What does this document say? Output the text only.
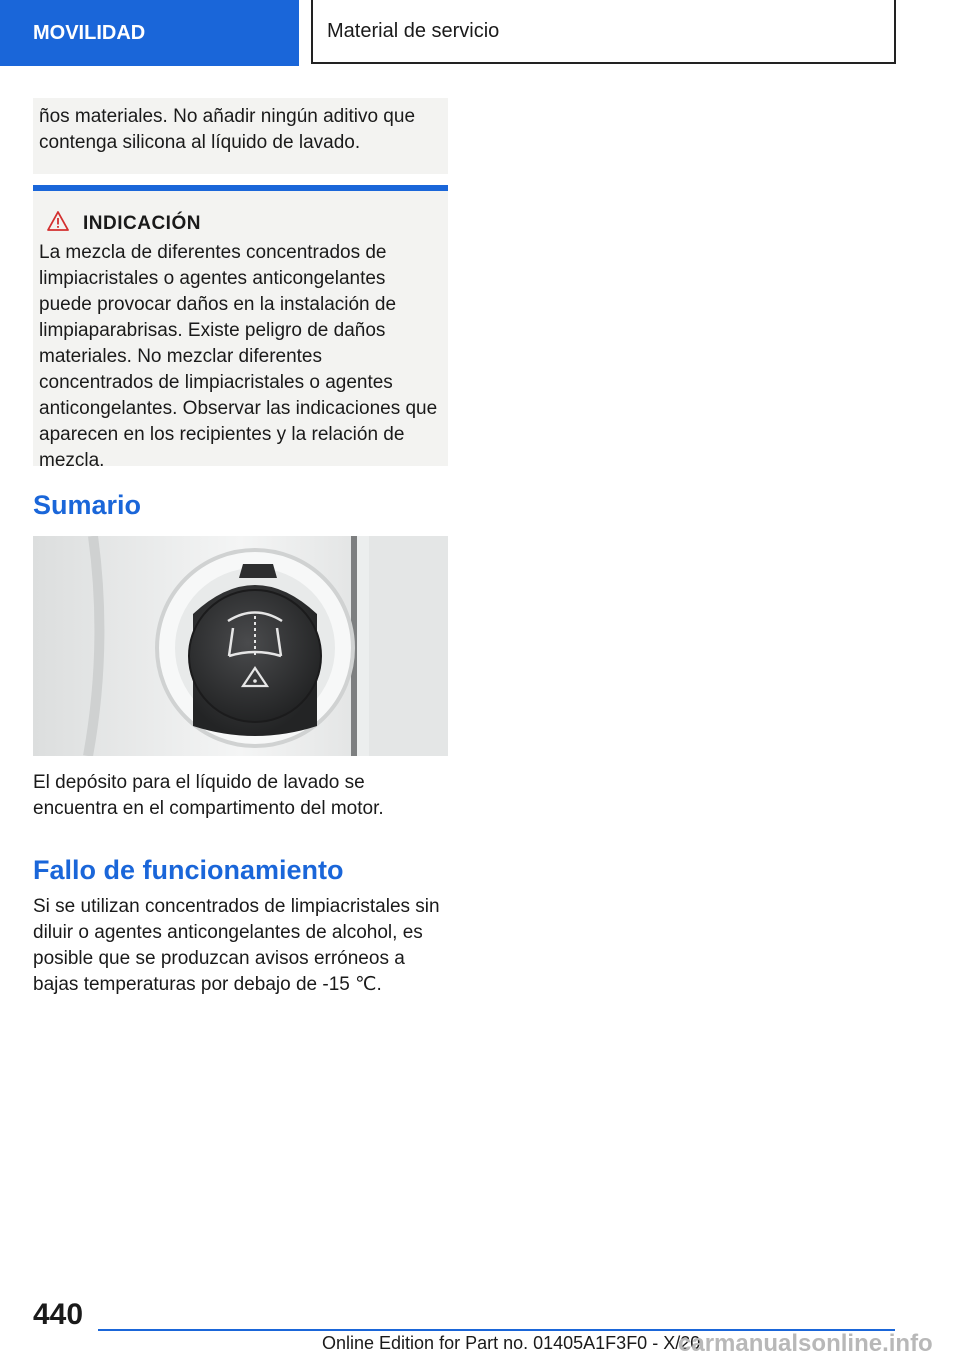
MOVILIDAD	Material de servicio
ños materiales. No añadir ningún aditivo que contenga silicona al líquido de lavado.
INDICACIÓN
La mezcla de diferentes concentrados de limpiacristales o agentes anticongelantes puede provocar daños en la instalación de limpiaparabrisas. Existe peligro de daños materiales. No mezclar diferentes concentrados de limpiacristales o agentes anticongelantes. Observar las indicaciones que aparecen en los recipientes y la relación de mezcla.
Sumario
El depósito para el líquido de lavado se encuentra en el compartimento del motor.
Fallo de funcionamiento
Si se utilizan concentrados de limpiacristales sin diluir o agentes anticongelantes de alcohol, es posible que se produzcan avisos erróneos a bajas temperaturas por debajo de -15 ℃.
440
Online Edition for Part no. 01405A1F3F0 - X/20
carmanualsonline.info
